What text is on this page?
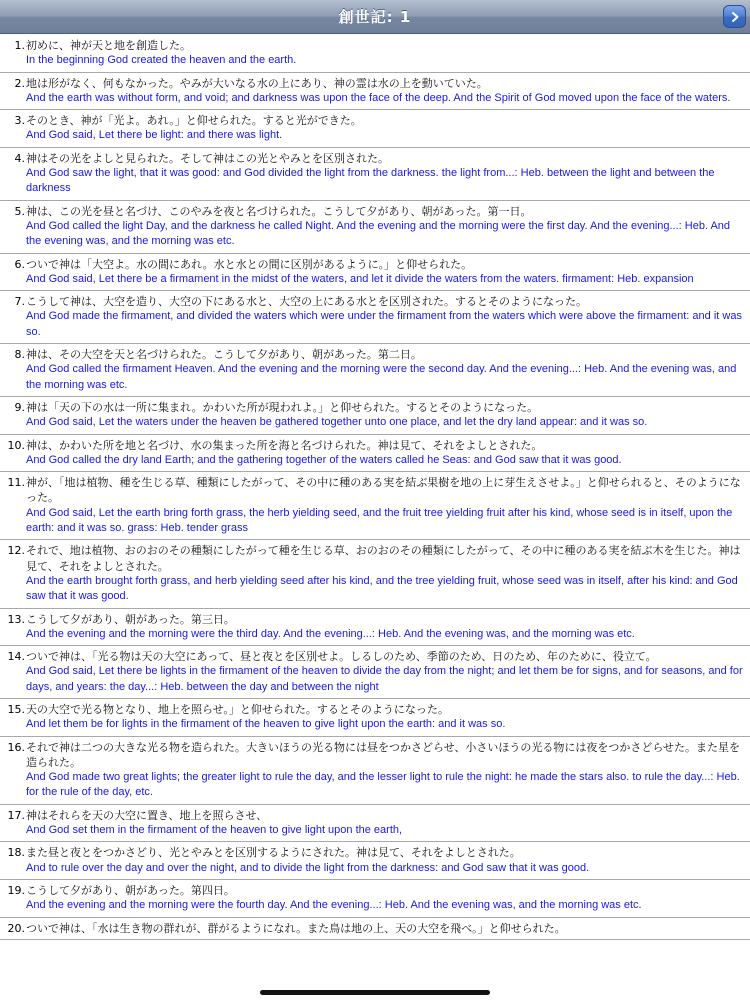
創世記: 1
1. 初めに、神が天と地を創造した。
In the beginning God created the heaven and the earth.
2. 地は形がなく、何もなかった。やみが大いなる水の上にあり、神の霊は水の上を動いていた。
And the earth was without form, and void; and darkness was upon the face of the deep. And the Spirit of God moved upon the face of the waters.
3. そのとき、神が「光よ。あれ。」と仰せられた。すると光ができた。
And God said, Let there be light: and there was light.
4. 神はその光をよしと見られた。そして神はこの光とやみとを区別された。
And God saw the light, that it was good: and God divided the light from the darkness. the light from...: Heb. between the light and between the darkness
5. 神は、この光を昼と名づけ、このやみを夜と名づけられた。こうして夕があり、朝があった。第一日。
And God called the light Day, and the darkness he called Night. And the evening and the morning were the first day. And the evening...: Heb. And the evening was, and the morning was etc.
6. ついで神は「大空よ。水の間にあれ。水と水との間に区別があるように。」と仰せられた。
And God said, Let there be a firmament in the midst of the waters, and let it divide the waters from the waters. firmament: Heb. expansion
7. こうして神は、大空を造り、大空の下にある水と、大空の上にある水とを区別された。するとそのようになった。
And God made the firmament, and divided the waters which were under the firmament from the waters which were above the firmament: and it was so.
8. 神は、その大空を天と名づけられた。こうして夕があり、朝があった。第二日。
And God called the firmament Heaven. And the evening and the morning were the second day. And the evening...: Heb. And the evening was, and the morning was etc.
9. 神は「天の下の水は一所に集まれ。かわいた所が現われよ。」と仰せられた。するとそのようになった。
And God said, Let the waters under the heaven be gathered together unto one place, and let the dry land appear: and it was so.
10. 神は、かわいた所を地と名づけ、水の集まった所を海と名づけられた。神は見て、それをよしとされた。
And God called the dry land Earth; and the gathering together of the waters called he Seas: and God saw that it was good.
11. 神が、「地は植物、種を生じる草、種類にしたがって、その中に種のある実を結ぶ果樹を地の上に芽生えさせよ。」と仰せられると、そのようになった。
And God said, Let the earth bring forth grass, the herb yielding seed, and the fruit tree yielding fruit after his kind, whose seed is in itself, upon the earth: and it was so. grass: Heb. tender grass
12. それで、地は植物、おのおのその種類にしたがって種を生じる草、おのおのその種類にしたがって、その中に種のある実を結ぶ木を生じた。神は見て、それをよしとされた。
And the earth brought forth grass, and herb yielding seed after his kind, and the tree yielding fruit, whose seed was in itself, after his kind: and God saw that it was good.
13. こうして夕があり、朝があった。第三日。
And the evening and the morning were the third day. And the evening...: Heb. And the evening was, and the morning was etc.
14. ついで神は、「光る物は天の大空にあって、昼と夜とを区別せよ。しるしのため、季節のため、日のため、年のために、役立て。
And God said, Let there be lights in the firmament of the heaven to divide the day from the night; and let them be for signs, and for seasons, and for days, and years: the day...: Heb. between the day and between the night
15. 天の大空で光る物となり、地上を照らせ。」と仰せられた。するとそのようになった。
And let them be for lights in the firmament of the heaven to give light upon the earth: and it was so.
16. それで神は二つの大きな光る物を造られた。大きいほうの光る物には昼をつかさどらせ、小さいほうの光る物には夜をつかさどらせた。また星を造られた。
And God made two great lights; the greater light to rule the day, and the lesser light to rule the night: he made the stars also. to rule the day...: Heb. for the rule of the day, etc.
17. 神はそれらを天の大空に置き、地上を照らさせ、
And God set them in the firmament of the heaven to give light upon the earth,
18. また昼と夜とをつかさどり、光とやみとを区別するようにされた。神は見て、それをよしとされた。
And to rule over the day and over the night, and to divide the light from the darkness: and God saw that it was good.
19. こうして夕があり、朝があった。第四日。
And the evening and the morning were the fourth day. And the evening...: Heb. And the evening was, and the morning was etc.
20. ついで神は、「水は生き物の群れが、群がるようになれ。また鳥は地の上、天の大空を飛べ。」と仰せられた。
